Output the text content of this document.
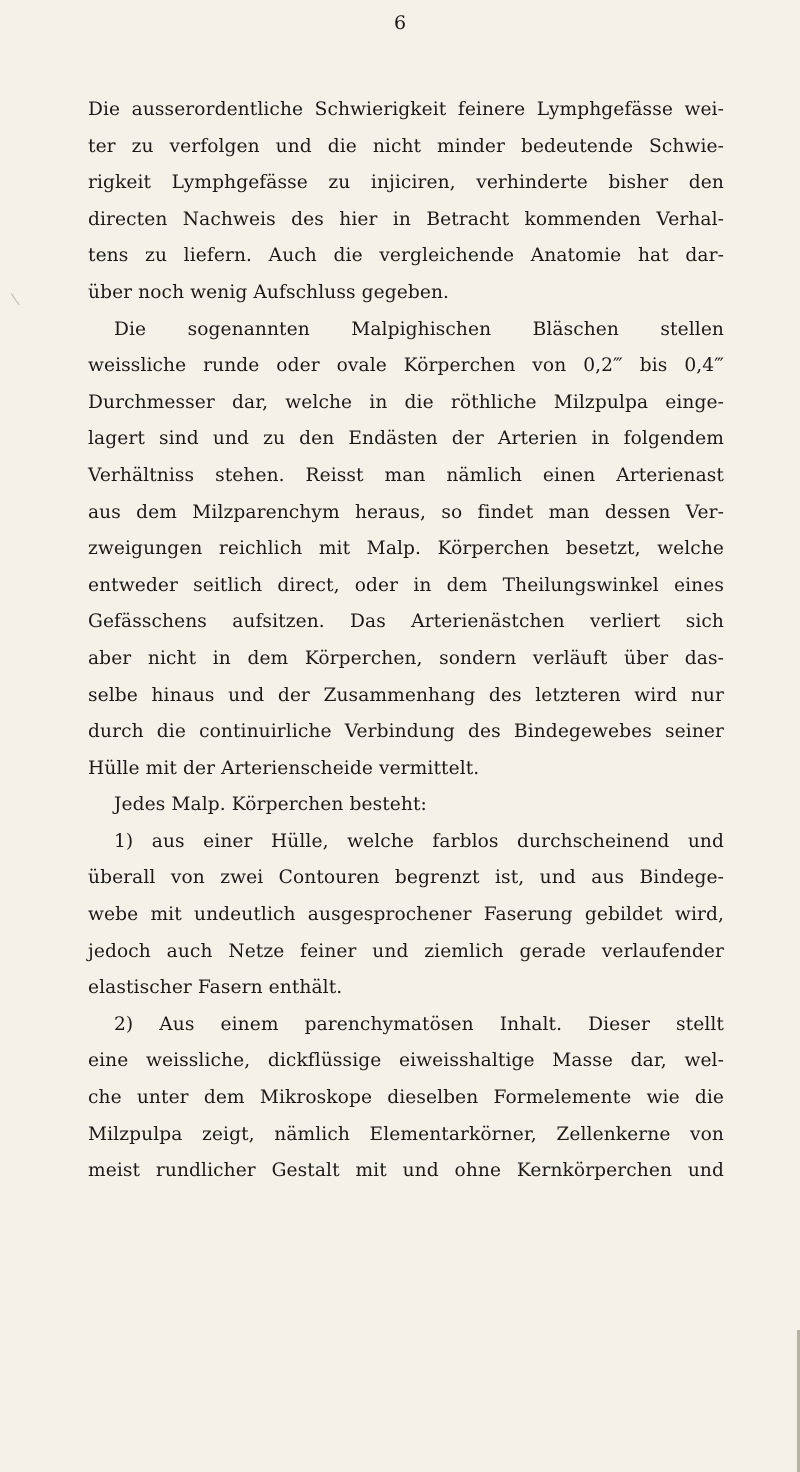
6
Die ausserordentliche Schwierigkeit feinere Lymphgefässe wei-
ter zu verfolgen und die nicht minder bedeutende Schwie-
rigkeit Lymphgefässe zu injiciren, verhinderte bisher den
directen Nachweis des hier in Betracht kommenden Verhal-
tens zu liefern. Auch die vergleichende Anatomie hat dar-
über noch wenig Aufschluss gegeben.
Die sogenannten Malpighischen Bläschen stellen
weissliche runde oder ovale Körperchen von 0,2‴ bis 0,4‴
Durchmesser dar, welche in die röthliche Milzpulpa einge-
lagert sind und zu den Endästen der Arterien in folgendem
Verhältniss stehen. Reisst man nämlich einen Arterienast
aus dem Milzparenchym heraus, so findet man dessen Ver-
zweigungen reichlich mit Malp. Körperchen besetzt, welche
entweder seitlich direct, oder in dem Theilungswinkel eines
Gefässchens aufsitzen. Das Arterienästchen verliert sich
aber nicht in dem Körperchen, sondern verläuft über das-
selbe hinaus und der Zusammenhang des letzteren wird nur
durch die continuirliche Verbindung des Bindegewebes seiner
Hülle mit der Arterienscheide vermittelt.
Jedes Malp. Körperchen besteht:
1) aus einer Hülle, welche farblos durchscheinend und
überall von zwei Contouren begrenzt ist, und aus Bindege-
webe mit undeutlich ausgesprochener Faserung gebildet wird,
jedoch auch Netze feiner und ziemlich gerade verlaufender
elastischer Fasern enthält.
2) Aus einem parenchymatösen Inhalt. Dieser stellt
eine weissliche, dickflüssige eiweisshaltige Masse dar, wel-
che unter dem Mikroskope dieselben Formelemente wie die
Milzpulpa zeigt, nämlich Elementarkörner, Zellenkerne von
meist rundlicher Gestalt mit und ohne Kernkörperchen und
